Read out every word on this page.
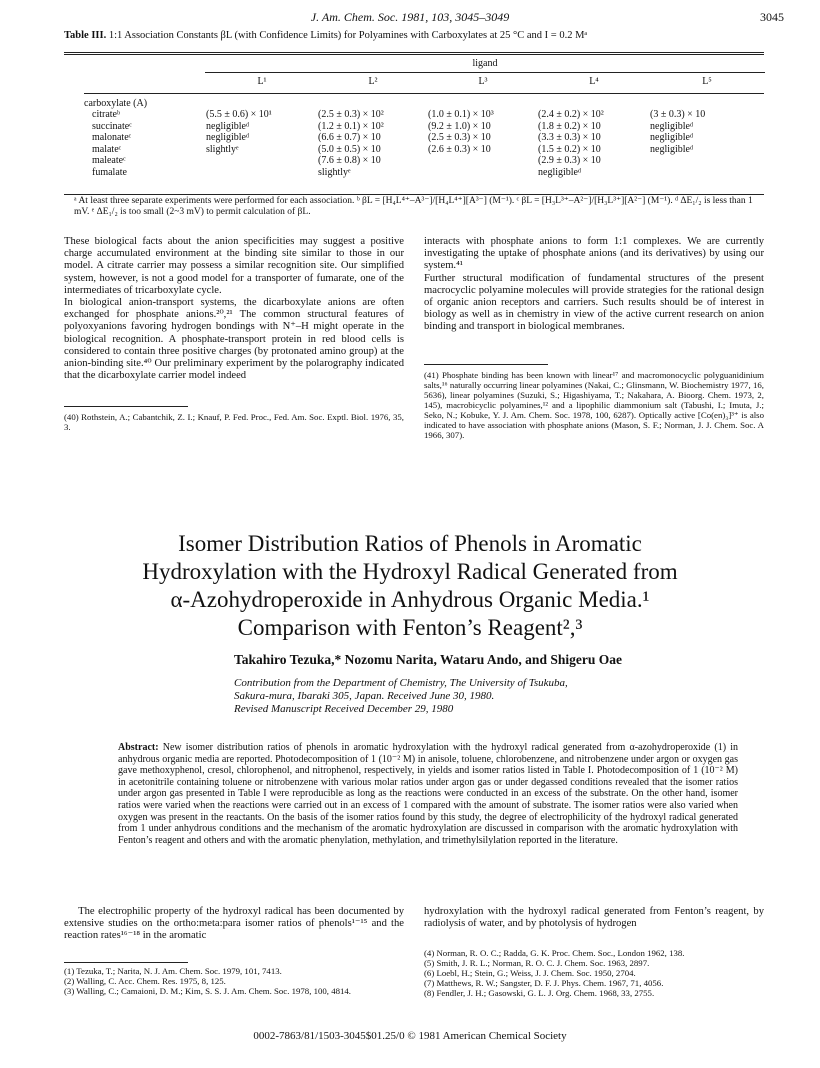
J. Am. Chem. Soc. 1981, 103, 3045–3049	3045
Table III. 1:1 Association Constants βL (with Confidence Limits) for Polyamines with Carboxylates at 25 °C and I = 0.2 Mᵃ
ligand
	L¹	L²	L³	L⁴	L⁵

carboxylate (A)					
citrateᵇ	(5.5 ± 0.6) × 10¹	(2.5 ± 0.3) × 10²	(1.0 ± 0.1) × 10³	(2.4 ± 0.2) × 10²	(3 ± 0.3) × 10
succinateᶜ	negligibleᵈ	(1.2 ± 0.1) × 10²	(9.2 ± 1.0) × 10	(1.8 ± 0.2) × 10	negligibleᵈ
malonateᶜ	negligibleᵈ	(6.6 ± 0.7) × 10	(2.5 ± 0.3) × 10	(3.3 ± 0.3) × 10	negligibleᵈ
malateᶜ	slightlyᵉ	(5.0 ± 0.5) × 10	(2.6 ± 0.3) × 10	(1.5 ± 0.2) × 10	negligibleᵈ
maleateᶜ		(7.6 ± 0.8) × 10		(2.9 ± 0.3) × 10	
fumalate		slightlyᵉ		negligibleᵈ	
ᵃ At least three separate experiments were performed for each association. ᵇ βL = [H₄L⁴⁺–A³⁻]/[H₄L⁴⁺][A³⁻] (M⁻¹). ᶜ βL = [H₃L³⁺–A²⁻]/[H₃L³⁺][A²⁻] (M⁻¹). ᵈ ΔE₁/₂ is less than 1 mV. ᵉ ΔE₁/₂ is too small (2~3 mV) to permit calculation of βL.
These biological facts about the anion specificities may suggest a positive charge accumulated environment at the binding site similar to those in our model. A citrate carrier may possess a similar recognition site. Our simplified system, however, is not a good model for a transporter of fumarate, one of the intermediates of tricarboxylate cycle.
In biological anion-transport systems, the dicarboxylate anions are often exchanged for phosphate anions.²⁰,²¹ The common structural features of polyoxyanions favoring hydrogen bondings with N⁺–H might operate in the biological recognition. A phosphate-transport protein in red blood cells is considered to contain three positive charges (by protonated amino group) at the anion-binding site.⁴⁰ Our preliminary experiment by the polarography indicated that the dicarboxylate carrier model indeed
(40) Rothstein, A.; Cabantchik, Z. I.; Knauf, P. Fed. Proc., Fed. Am. Soc. Exptl. Biol. 1976, 35, 3.
interacts with phosphate anions to form 1:1 complexes. We are currently investigating the uptake of phosphate anions (and its derivatives) by using our system.⁴¹
Further structural modification of fundamental structures of the present macrocyclic polyamine molecules will provide strategies for the rational design of organic anion receptors and carriers. Such results should be of interest in biology as well as in chemistry in view of the active current research on anion binding and transport in biological membranes.
(41) Phosphate binding has been known with linear¹⁷ and macromonocyclic polyguanidinium salts,¹⁶ naturally occurring linear polyamines (Nakai, C.; Glinsmann, W. Biochemistry 1977, 16, 5636), linear polyamines (Suzuki, S.; Higashiyama, T.; Nakahara, A. Bioorg. Chem. 1973, 2, 145), macrobicyclic polyamines,¹² and a lipophilic diammonium salt (Tabushi, I.; Imuta, J.; Seko, N.; Kobuke, Y. J. Am. Chem. Soc. 1978, 100, 6287). Optically active [Co(en)₃]³⁺ is also indicated to have association with phosphate anions (Mason, S. F.; Norman, J. J. Chem. Soc. A 1966, 307).
Isomer Distribution Ratios of Phenols in Aromatic
Hydroxylation with the Hydroxyl Radical Generated from
α-Azohydroperoxide in Anhydrous Organic Media.¹
Comparison with Fenton’s Reagent²,³
Takahiro Tezuka,* Nozomu Narita, Wataru Ando, and Shigeru Oae
Contribution from the Department of Chemistry, The University of Tsukuba,
Sakura-mura, Ibaraki 305, Japan. Received June 30, 1980.
Revised Manuscript Received December 29, 1980
Abstract: New isomer distribution ratios of phenols in aromatic hydroxylation with the hydroxyl radical generated from α-azohydroperoxide (1) in anhydrous organic media are reported. Photodecomposition of 1 (10⁻² M) in anisole, toluene, chlorobenzene, and nitrobenzene under argon or oxygen gas gave methoxyphenol, cresol, chlorophenol, and nitrophenol, respectively, in yields and isomer ratios listed in Table I. Photodecomposition of 1 (10⁻² M) in acetonitrile containing toluene or nitrobenzene with various molar ratios under argon gas or under degassed conditions revealed that the isomer ratios under argon gas presented in Table I were reproducible as long as the reactions were conducted in an excess of the substrate. On the other hand, isomer ratios were varied when the reactions were carried out in an excess of 1 compared with the amount of substrate. The isomer ratios were also varied when oxygen was present in the reactants. On the basis of the isomer ratios found by this study, the degree of electrophilicity of the hydroxyl radical generated from 1 under anhydrous conditions and the mechanism of the aromatic hydroxylation are discussed in comparison with the aromatic hydroxylation with Fenton’s reagent and others and with the aromatic phenylation, methylation, and trimethylsilylation reported in the literature.
The electrophilic property of the hydroxyl radical has been documented by extensive studies on the ortho:meta:para isomer ratios of phenols¹⁻¹⁵ and the reaction rates¹⁶⁻¹⁸ in the aromatic
hydroxylation with the hydroxyl radical generated from Fenton’s reagent, by radiolysis of water, and by photolysis of hydrogen
(1) Tezuka, T.; Narita, N. J. Am. Chem. Soc. 1979, 101, 7413.
(2) Walling, C. Acc. Chem. Res. 1975, 8, 125.
(3) Walling, C.; Camaioni, D. M.; Kim, S. S. J. Am. Chem. Soc. 1978, 100, 4814.
(4) Norman, R. O. C.; Radda, G. K. Proc. Chem. Soc., London 1962, 138.
(5) Smith, J. R. L.; Norman, R. O. C. J. Chem. Soc. 1963, 2897.
(6) Loebl, H.; Stein, G.; Weiss, J. J. Chem. Soc. 1950, 2704.
(7) Matthews, R. W.; Sangster, D. F. J. Phys. Chem. 1967, 71, 4056.
(8) Fendler, J. H.; Gasowski, G. L. J. Org. Chem. 1968, 33, 2755.
0002-7863/81/1503-3045$01.25/0 © 1981 American Chemical Society
